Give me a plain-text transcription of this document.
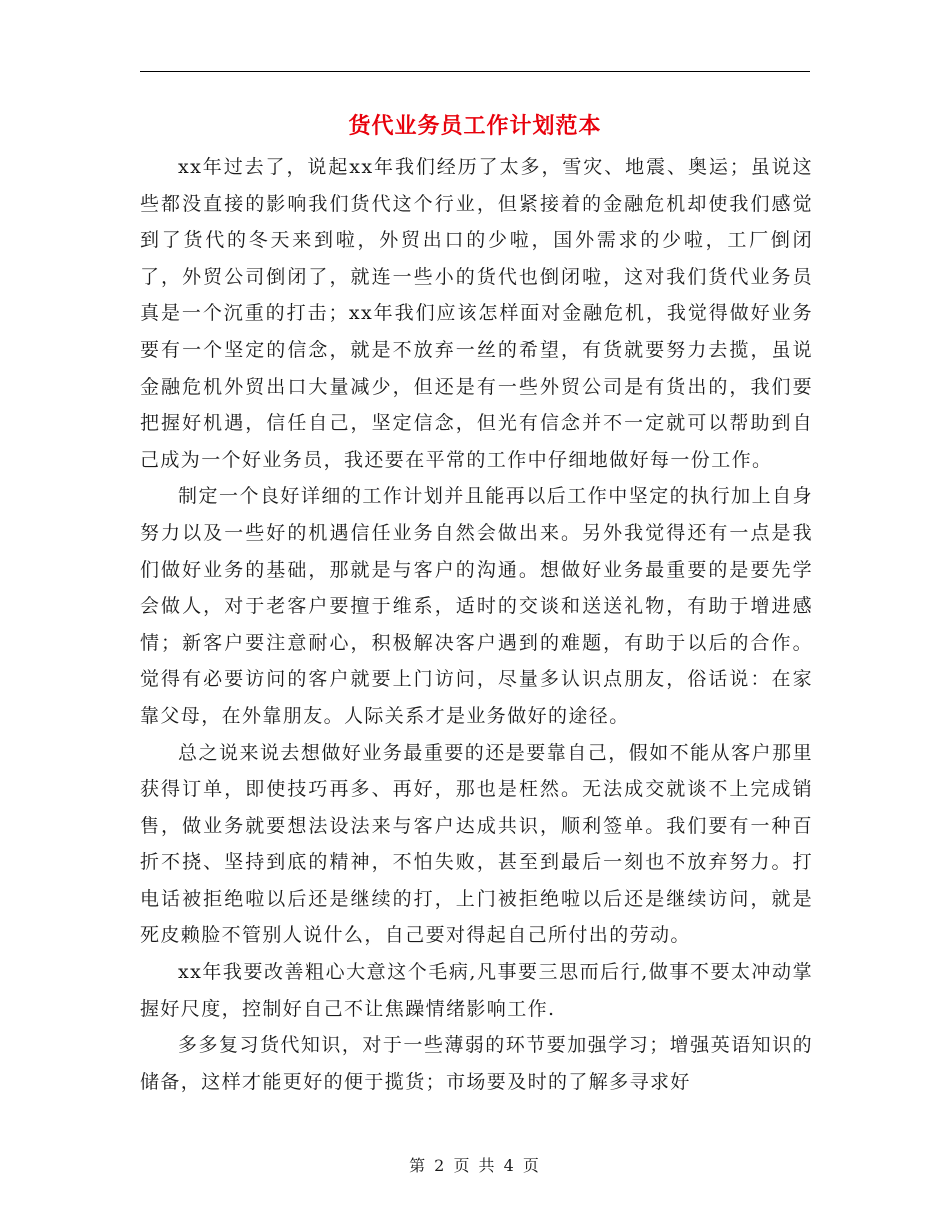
货代业务员工作计划范本

xx年过去了，说起xx年我们经历了太多，雪灾、地震、奥运；虽说这些都没直接的影响我们货代这个行业，但紧接着的金融危机却使我们感觉到了货代的冬天来到啦，外贸出口的少啦，国外需求的少啦，工厂倒闭了，外贸公司倒闭了，就连一些小的货代也倒闭啦，这对我们货代业务员真是一个沉重的打击；xx年我们应该怎样面对金融危机，我觉得做好业务要有一个坚定的信念，就是不放弃一丝的希望，有货就要努力去揽，虽说金融危机外贸出口大量减少，但还是有一些外贸公司是有货出的，我们要把握好机遇，信任自己，坚定信念，但光有信念并不一定就可以帮助到自己成为一个好业务员，我还要在平常的工作中仔细地做好每一份工作。

制定一个良好详细的工作计划并且能再以后工作中坚定的执行加上自身努力以及一些好的机遇信任业务自然会做出来。另外我觉得还有一点是我们做好业务的基础，那就是与客户的沟通。想做好业务最重要的是要先学会做人，对于老客户要擅于维系，适时的交谈和送送礼物，有助于增进感情；新客户要注意耐心，积极解决客户遇到的难题，有助于以后的合作。觉得有必要访问的客户就要上门访问，尽量多认识点朋友，俗话说：在家靠父母，在外靠朋友。人际关系才是业务做好的途径。

总之说来说去想做好业务最重要的还是要靠自己，假如不能从客户那里获得订单，即使技巧再多、再好，那也是枉然。无法成交就谈不上完成销售，做业务就要想法设法来与客户达成共识，顺利签单。我们要有一种百折不挠、坚持到底的精神，不怕失败，甚至到最后一刻也不放弃努力。打电话被拒绝啦以后还是继续的打，上门被拒绝啦以后还是继续访问，就是死皮赖脸不管别人说什么，自己要对得起自己所付出的劳动。

xx年我要改善粗心大意这个毛病,凡事要三思而后行,做事不要太冲动掌握好尺度，控制好自己不让焦躁情绪影响工作.

多多复习货代知识，对于一些薄弱的环节要加强学习；增强英语知识的储备，这样才能更好的便于揽货；市场要及时的了解多寻求好

第 2 页 共 4 页
